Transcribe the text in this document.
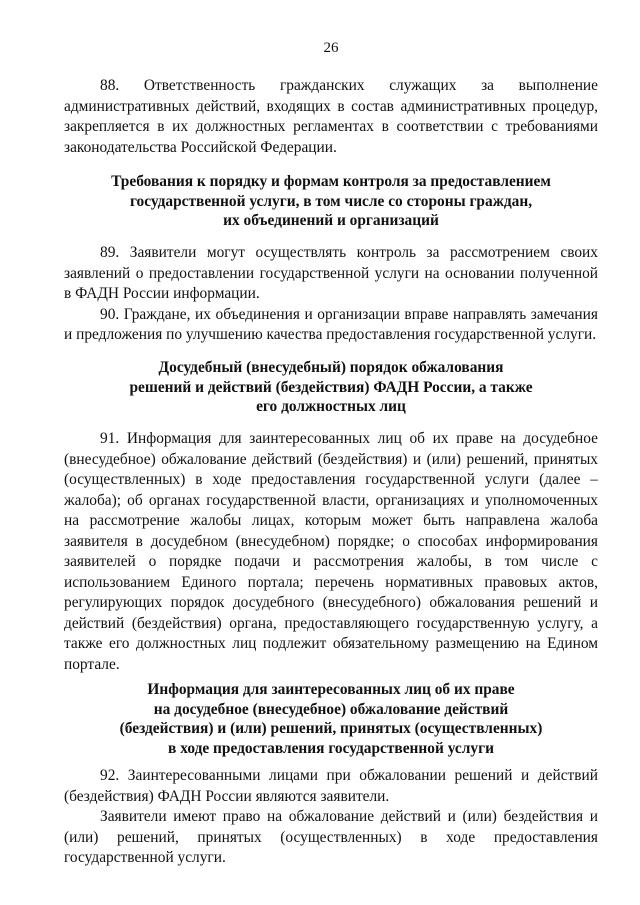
26

88. Ответственность гражданских служащих за выполнение административных действий, входящих в состав административных процедур, закрепляется в их должностных регламентах в соответствии с требованиями законодательства Российской Федерации.

Требования к порядку и формам контроля за предоставлением
государственной услуги, в том числе со стороны граждан,
их объединений и организаций

89. Заявители могут осуществлять контроль за рассмотрением своих заявлений о предоставлении государственной услуги на основании полученной в ФАДН России информации.

90. Граждане, их объединения и организации вправе направлять замечания и предложения по улучшению качества предоставления государственной услуги.

Досудебный (внесудебный) порядок обжалования
решений и действий (бездействия) ФАДН России, а также
его должностных лиц

91. Информация для заинтересованных лиц об их праве на досудебное (внесудебное) обжалование действий (бездействия) и (или) решений, принятых (осуществленных) в ходе предоставления государственной услуги (далее – жалоба); об органах государственной власти, организациях и уполномоченных на рассмотрение жалобы лицах, которым может быть направлена жалоба заявителя в досудебном (внесудебном) порядке; о способах информирования заявителей о порядке подачи и рассмотрения жалобы, в том числе с использованием Единого портала; перечень нормативных правовых актов, регулирующих порядок досудебного (внесудебного) обжалования решений и действий (бездействия) органа, предоставляющего государственную услугу, а также его должностных лиц подлежит обязательному размещению на Едином портале.

Информация для заинтересованных лиц об их праве
на досудебное (внесудебное) обжалование действий
(бездействия) и (или) решений, принятых (осуществленных)
в ходе предоставления государственной услуги

92. Заинтересованными лицами при обжаловании решений и действий (бездействия) ФАДН России являются заявители.

Заявители имеют право на обжалование действий и (или) бездействия и (или) решений, принятых (осуществленных) в ходе предоставления государственной услуги.
